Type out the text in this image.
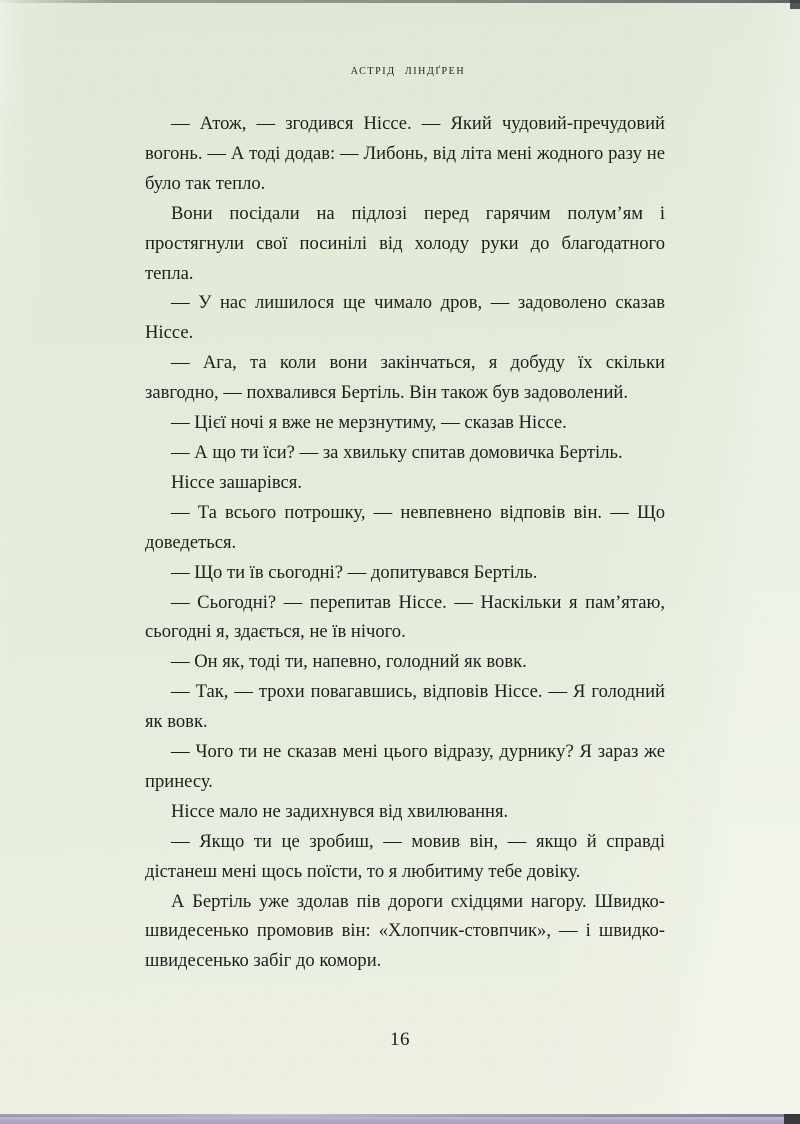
астрід ліндґрен

— Атож, — згодився Ніссе. — Який чудовий-пречудовий вогонь. — А тоді додав: — Либонь, від літа мені жодного разу не було так тепло.

Вони посідали на підлозі перед гарячим полум’ям і простягнули свої посинілі від холоду руки до благодатного тепла.

— У нас лишилося ще чимало дров, — задоволено сказав Ніссе.

— Ага, та коли вони закінчаться, я добуду їх скільки завгодно, — похвалився Бертіль. Він також був задоволений.

— Цієї ночі я вже не мерзнутиму, — сказав Ніссе.

— А що ти їси? — за хвильку спитав домовичка Бертіль.

Ніссе зашарівся.

— Та всього потрошку, — невпевнено відповів він. — Що доведеться.

— Що ти їв сьогодні? — допитувався Бертіль.

— Сьогодні? — перепитав Ніссе. — Наскільки я пам’ятаю, сьогодні я, здається, не їв нічого.

— Он як, тоді ти, напевно, голодний як вовк.

— Так, — трохи повагавшись, відповів Ніссе. — Я голодний як вовк.

— Чого ти не сказав мені цього відразу, дурнику? Я зараз же принесу.

Ніссе мало не задихнувся від хвилювання.

— Якщо ти це зробиш, — мовив він, — якщо й справді дістанеш мені щось поїсти, то я любитиму тебе довіку.

А Бертіль уже здолав пів дороги східцями нагору. Швидко-швидесенько промовив він: «Хлопчик-стовпчик», — і швидко-швидесенько забіг до комори.

16
